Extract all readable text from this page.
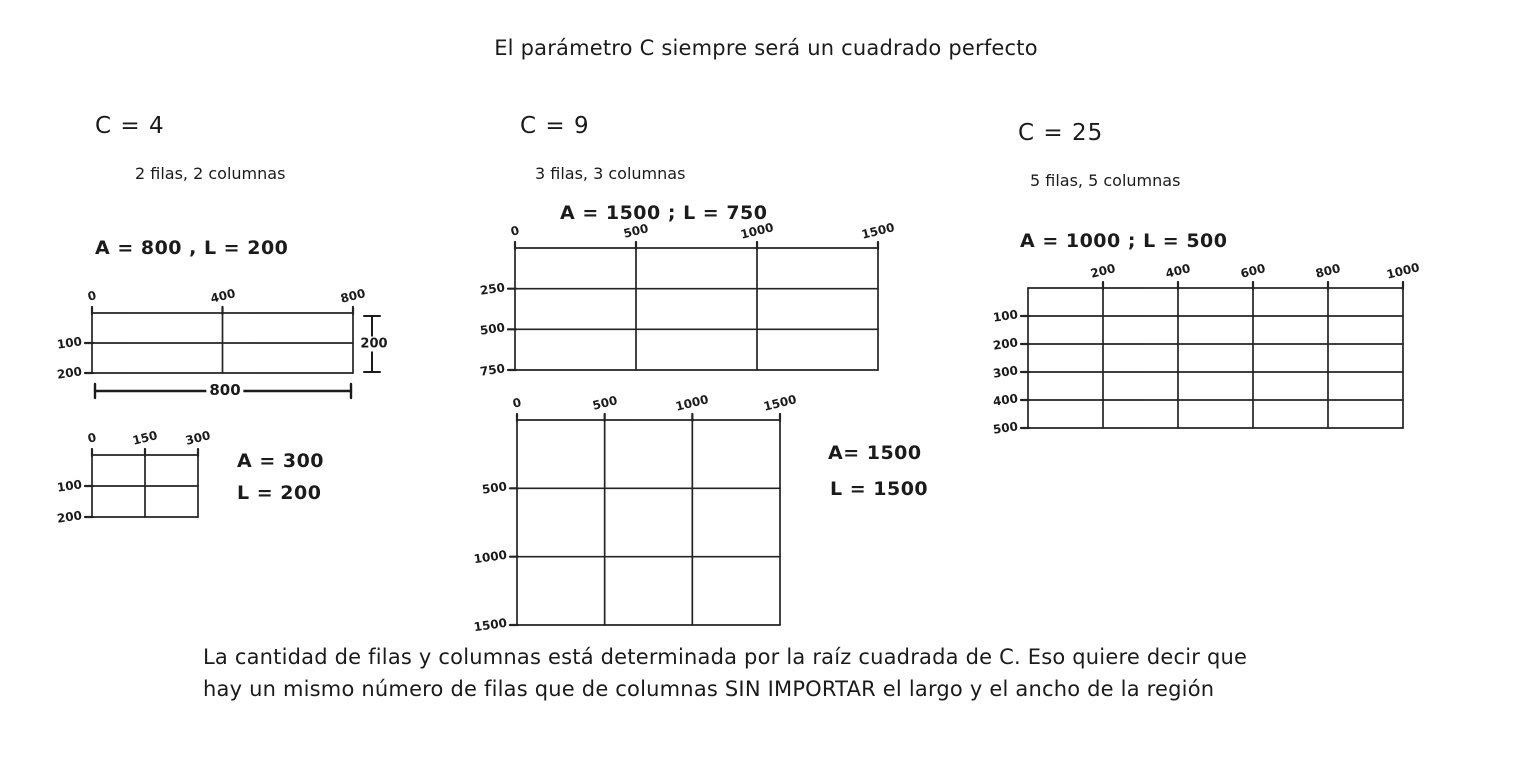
El parámetro C siempre será un cuadrado perfecto
C = 4
2 filas, 2 columnas
A = 800 , L = 200
0	400	800
100
200
200
800
0	150 300
100
200
A = 300
L = 200
C = 9
3 filas, 3 columnas
A = 1500 ; L = 750
0	500	1000	1500
250
500
750
0	500	1000	1500
500
1000
1500
A= 1500
L = 1500
C = 25
5 filas, 5 columnas
A = 1000 ; L = 500
200	400	600	800	1000
100
200
300
400
500
La cantidad de filas y columnas está determinada por la raíz cuadrada de C. Eso quiere decir que
hay un mismo número de filas que de columnas SIN IMPORTAR el largo y el ancho de la región
